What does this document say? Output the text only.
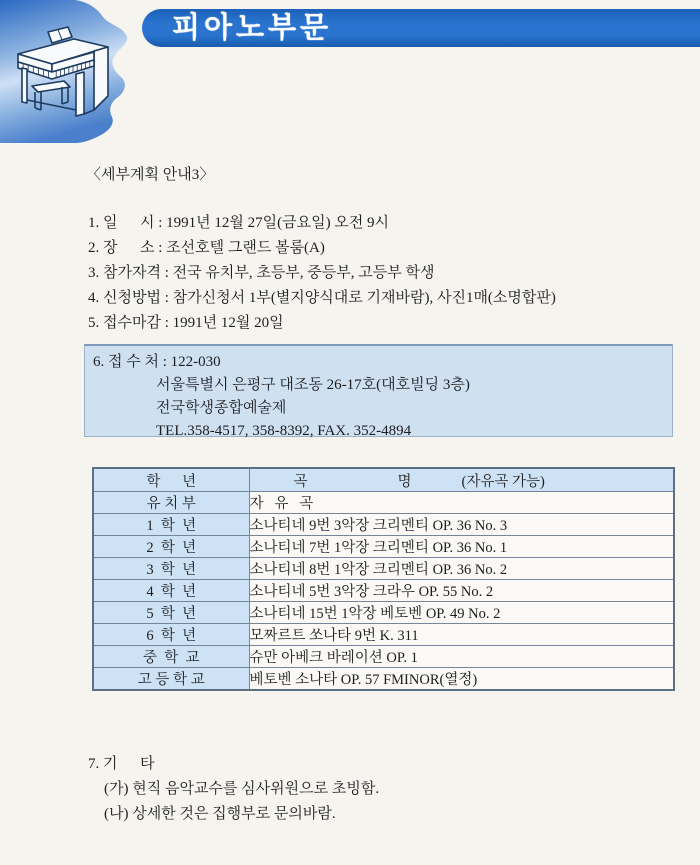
피아노부문
〈세부계획 안내3〉
1. 일      시 : 1991년 12월 27일(금요일) 오전 9시
2. 장      소 : 조선호텔 그랜드 볼룸(A)
3. 참가자격 : 전국 유치부, 초등부, 중등부, 고등부 학생
4. 신청방법 : 참가신청서 1부(별지양식대로 기재바람), 사진1매(소명합판)
5. 접수마감 : 1991년 12월 20일
6. 접 수 처 : 122-030
서울특별시 은평구 대조동 26-17호(대호빌딩 3층)
전국학생종합예술제
TEL.358-4517, 358-8392, FAX. 352-4894
학      년	곡 명 (자유곡 가능)
유 치 부	자   유   곡
1  학  년	소나티네 9번 3악장 크리멘티 OP. 36 No. 3
2  학  년	소나티네 7번 1악장 크리멘티 OP. 36 No. 1
3  학  년	소나티네 8번 1악장 크리멘티 OP. 36 No. 2
4  학  년	소나티네 5번 3악장 크라우 OP. 55 No. 2
5  학  년	소나티네 15번 1악장 베토벤 OP. 49 No. 2
6  학  년	모짜르트 쏘나타 9번 K. 311
중  학  교	슈만 아베크 바레이션 OP. 1
고 등 학 교	베토벤 소나타 OP. 57 FMINOR(열정)
7. 기      타
(가) 현직 음악교수를 심사위원으로 초빙함.
(나) 상세한 것은 집행부로 문의바람.
